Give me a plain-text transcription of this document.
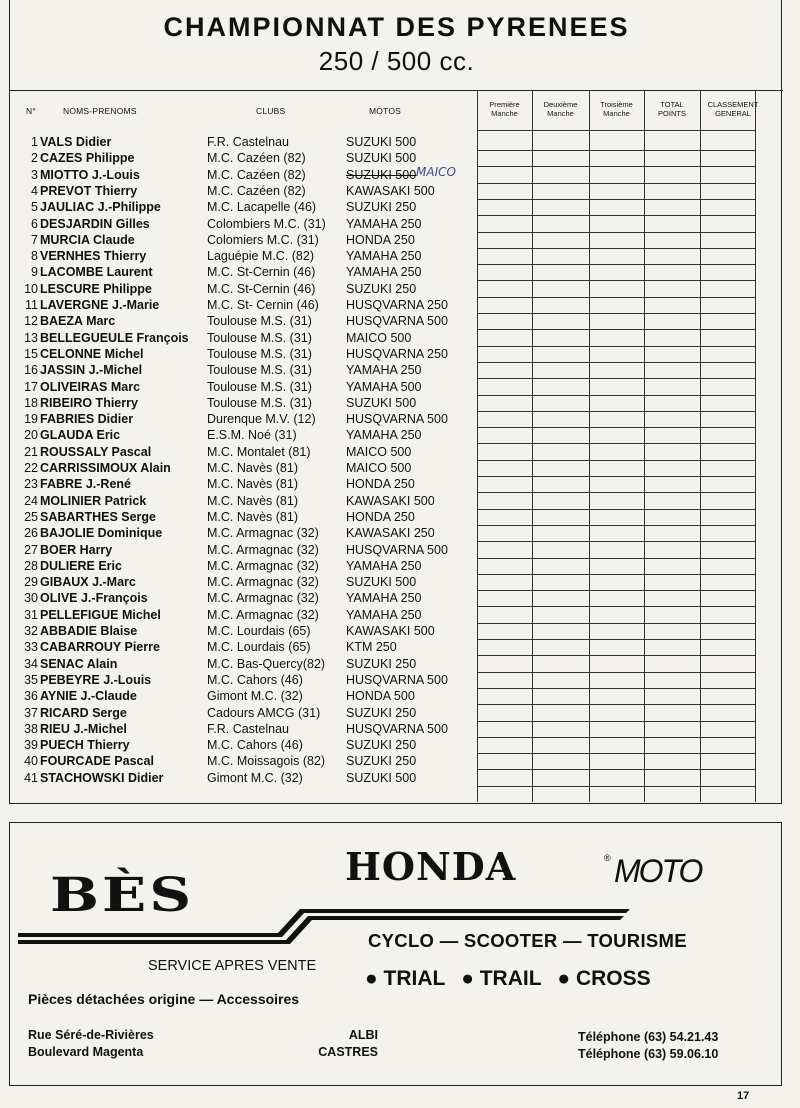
CHAMPIONNAT DES PYRENEES
250 / 500 cc.
N°	NOMS-PRENOMS	CLUBS	MOTOS
Première
Manche
Deuxième
Manche
Troisième
Manche
TOTAL
POINTS
CLASSEMENT
GENERAL
1 VALS Didier	F.R. Castelnau	SUZUKI 500
2 CAZES Philippe	M.C. Cazéen (82)	SUZUKI 500
3 MIOTTO J.-Louis	M.C. Cazéen (82)	SUZUKI 500
4 PREVOT Thierry	M.C. Cazéen (82)	KAWASAKI 500
5 JAULIAC J.-Philippe	M.C. Lacapelle (46) SUZUKI 250
6 DESJARDIN Gilles	Colombiers M.C. (31) YAMAHA 250
7 MURCIA Claude	Colomiers M.C. (31) HONDA 250
8 VERNHES Thierry	Laguépie M.C. (82)	YAMAHA 250
9 LACOMBE Laurent	M.C. St-Cernin (46) YAMAHA 250
10 LESCURE Philippe	M.C. St-Cernin (46) SUZUKI 250
11 LAVERGNE J.-Marie	M.C. St- Cernin (46) HUSQVARNA 250
12 BAEZA Marc	Toulouse M.S. (31)	HUSQVARNA 500
13 BELLEGUEULE François Toulouse M.S. (31)	MAICO 500
15 CELONNE Michel	Toulouse M.S. (31)	HUSQVARNA 250
16 JASSIN J.-Michel	Toulouse M.S. (31)	YAMAHA 250
17 OLIVEIRAS Marc	Toulouse M.S. (31)	YAMAHA 500
18 RIBEIRO Thierry	Toulouse M.S. (31)	SUZUKI 500
19 FABRIES Didier	Durenque M.V. (12) HUSQVARNA 500
20 GLAUDA Eric	E.S.M. Noé (31)	YAMAHA 250
21 ROUSSALY Pascal	M.C. Montalet (81)	MAICO 500
22 CARRISSIMOUX Alain	M.C. Navès (81)	MAICO 500
23 FABRE J.-René	M.C. Navès (81)	HONDA 250
24 MOLINIER Patrick	M.C. Navès (81)	KAWASAKI 500
25 SABARTHES Serge	M.C. Navès (81)	HONDA 250
26 BAJOLIE Dominique	M.C. Armagnac (32) KAWASAKI 250
27 BOER Harry	M.C. Armagnac (32) HUSQVARNA 500
28 DULIERE Eric	M.C. Armagnac (32) YAMAHA 250
29 GIBAUX J.-Marc	M.C. Armagnac (32) SUZUKI 500
30 OLIVE J.-François	M.C. Armagnac (32) YAMAHA 250
31 PELLEFIGUE Michel	M.C. Armagnac (32) YAMAHA 250
32 ABBADIE Blaise	M.C. Lourdais (65)	KAWASAKI 500
33 CABARROUY Pierre	M.C. Lourdais (65)	KTM 250
34 SENAC Alain	M.C. Bas-Quercy(82) SUZUKI 250
35 PEBEYRE J.-Louis	M.C. Cahors (46)	HUSQVARNA 500
36 AYNIE J.-Claude	Gimont M.C. (32)	HONDA 500
37 RICARD Serge	Cadours AMCG (31) SUZUKI 250
38 RIEU J.-Michel	F.R. Castelnau	HUSQVARNA 500
39 PUECH Thierry	M.C. Cahors (46)	SUZUKI 250
40 FOURCADE Pascal	M.C. Moissagois (82) SUZUKI 250
41 STACHOWSKI Didier	Gimont M.C. (32)	SUZUKI 500
MAICO
BÈS
HONDA	® MOTO
CYCLO — SCOOTER — TOURISME
● TRIAL ● TRAIL ● CROSS
SERVICE APRES VENTE
Pièces détachées origine — Accessoires
Rue Séré-de-Rivières
Boulevard Magenta
ALBI
CASTRES
Téléphone (63) 54.21.43
Téléphone (63) 59.06.10
17
